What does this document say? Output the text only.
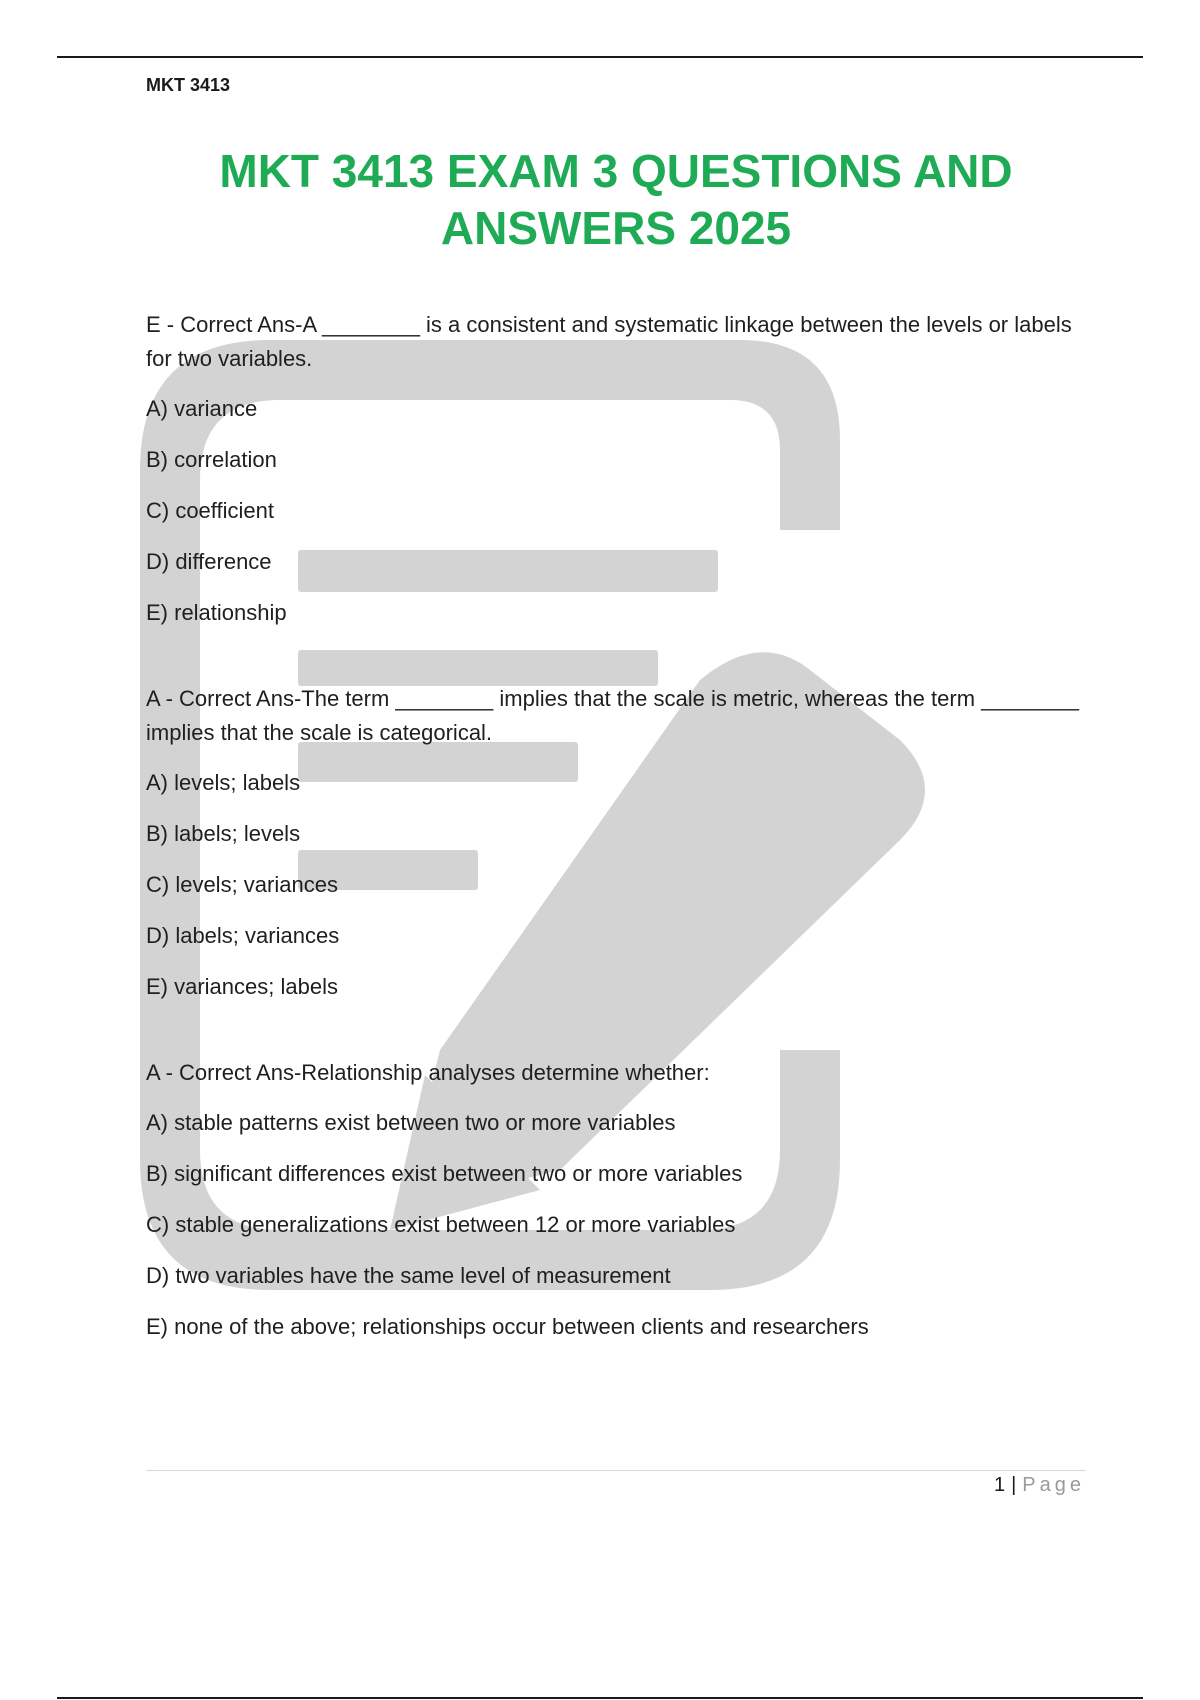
MKT 3413
MKT 3413 EXAM 3 QUESTIONS AND ANSWERS 2025

E - Correct Ans-A ________ is a consistent and systematic linkage between the levels or labels for two variables.

A) variance

B) correlation

C) coefficient

D) difference

E) relationship

A - Correct Ans-The term ________ implies that the scale is metric, whereas the term ________ implies that the scale is categorical.

A) levels; labels

B) labels; levels

C) levels; variances

D) labels; variances

E) variances; labels

A - Correct Ans-Relationship analyses determine whether:

A) stable patterns exist between two or more variables

B) significant differences exist between two or more variables

C) stable generalizations exist between 12 or more variables

D) two variables have the same level of measurement

E) none of the above; relationships occur between clients and researchers

1 | Page
